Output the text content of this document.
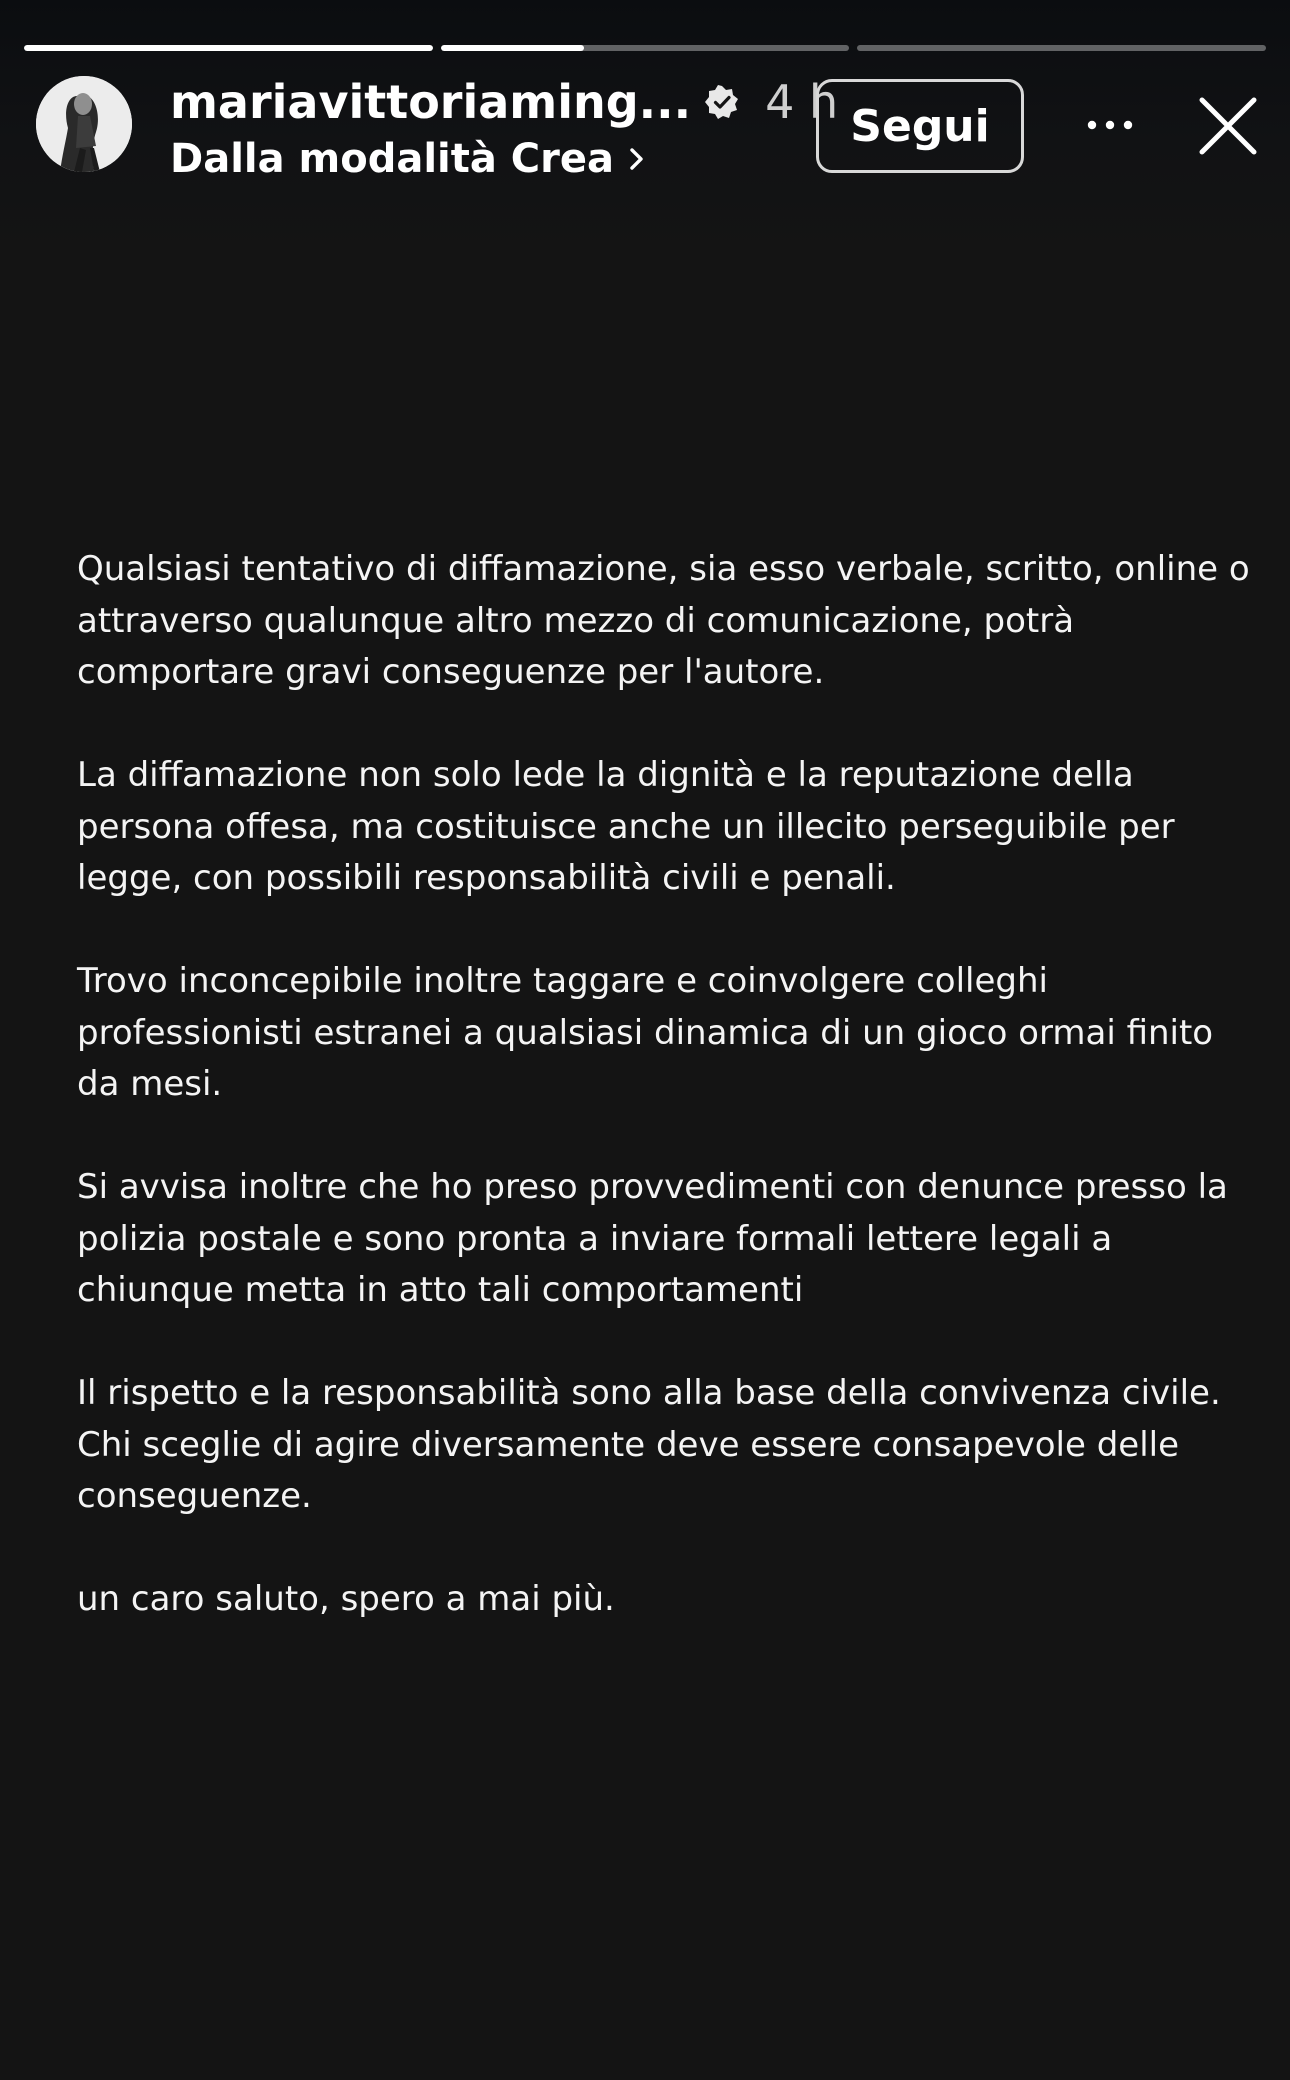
mariavittoriaming... 4 h
Dalla modalità Crea
Segui

Qualsiasi tentativo di diffamazione, sia esso verbale, scritto, online o
attraverso qualunque altro mezzo di comunicazione, potrà
comportare gravi conseguenze per l'autore.

La diffamazione non solo lede la dignità e la reputazione della
persona offesa, ma costituisce anche un illecito perseguibile per
legge, con possibili responsabilità civili e penali.

Trovo inconcepibile inoltre taggare e coinvolgere colleghi
professionisti estranei a qualsiasi dinamica di un gioco ormai finito
da mesi.

Si avvisa inoltre che ho preso provvedimenti con denunce presso la
polizia postale e sono pronta a inviare formali lettere legali a
chiunque metta in atto tali comportamenti

Il rispetto e la responsabilità sono alla base della convivenza civile.
Chi sceglie di agire diversamente deve essere consapevole delle
conseguenze.

un caro saluto, spero a mai più.
